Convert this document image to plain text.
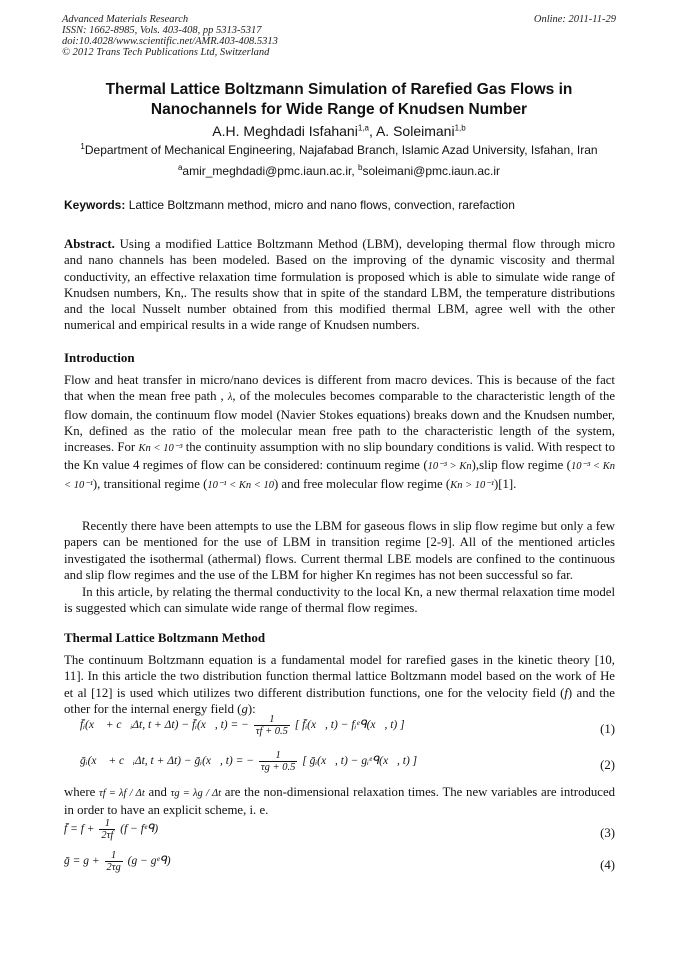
Advanced Materials Research
ISSN: 1662-8985, Vols. 403-408, pp 5313-5317
doi:10.4028/www.scientific.net/AMR.403-408.5313
© 2012 Trans Tech Publications Ltd, Switzerland
Online: 2011-11-29
Thermal Lattice Boltzmann Simulation of Rarefied Gas Flows in
Nanochannels for Wide Range of Knudsen Number
A.H. Meghdadi Isfahani$^{1,a}$, A. Soleimani$^{1,b}$
$^1$Department of Mechanical Engineering, Najafabad Branch, Islamic Azad University, Isfahan, Iran
$^a$amir_meghdadi@pmc.iaun.ac.ir, $^b$soleimani@pmc.iaun.ac.ir
Keywords: Lattice Boltzmann method, micro and nano flows, convection, rarefaction
Abstract. Using a modified Lattice Boltzmann Method (LBM), developing thermal flow through micro and nano channels has been modeled. Based on the improving of the dynamic viscosity and thermal conductivity, an effective relaxation time formulation is proposed which is able to simulate wide range of Knudsen numbers, Kn,. The results show that in spite of the standard LBM, the temperature distributions and the local Nusselt number obtained from this modified thermal LBM, agree well with the other numerical and empirical results in a wide range of Knudsen numbers.
Introduction
Flow and heat transfer in micro/nano devices is different from macro devices. This is because of the fact that when the mean free path , λ, of the molecules becomes comparable to the characteristic length of the flow domain, the continuum flow model (Navier Stokes equations) breaks down and the Knudsen number, Kn, defined as the ratio of the molecular mean free path to the characteristic length of the system, increases. For Kn < 10⁻³ the continuity assumption with no slip boundary conditions is valid. With respect to the Kn value 4 regimes of flow can be considered: continuum regime (10⁻³ > Kn),slip flow regime (10⁻³ < Kn < 10⁻¹), transitional regime (10⁻¹ < Kn < 10) and free molecular flow regime (Kn > 10⁻¹)[1].
Recently there have been attempts to use the LBM for gaseous flows in slip flow regime but only a few papers can be mentioned for the use of LBM in transition regime [2-9]. All of the mentioned articles investigated the isothermal (athermal) flows. Current thermal LBE models are confined to the continuous and slip flow regimes and the use of the LBM for higher Kn regimes has not been successful so far.
In this article, by relating the thermal conductivity to the local Kn, a new thermal relaxation time model is suggested which can simulate wide range of thermal flow regimes.
Thermal Lattice Boltzmann Method
The continuum Boltzmann equation is a fundamental model for rarefied gases in the kinetic theory [10, 11]. In this article the two distribution function thermal lattice Boltzmann model based on the work of He et al [12] is used which utilizes two different distribution functions, one for the velocity field (f) and the other for the internal energy field (g):
f̄ᵢ(x⃗ + c⃗ᵢΔt, t + Δt) − f̄ᵢ(x⃗, t) = − $\frac{1}{\tau f + 0.5}$ [ f̄ᵢ(x⃗, t) − fᵢᵉᑫ(x⃗, t) ]	(1)
ḡᵢ(x⃗ + c⃗ᵢΔt, t + Δt) − ḡᵢ(x⃗, t) = − $\frac{1}{\tau g + 0.5}$ [ ḡᵢ(x⃗, t) − gᵢᵉᑫ(x⃗, t) ]	(2)
where τf = λf / Δt and τg = λg / Δt are the non-dimensional relaxation times. The new variables are introduced in order to have an explicit scheme, i. e.
f̄ = $f + \frac{1}{2\tau f} (f$ − fᵉᑫ)	(3)
ḡ = $g + \frac{1}{2\tau g} (g$ − gᵉᑫ)	(4)
